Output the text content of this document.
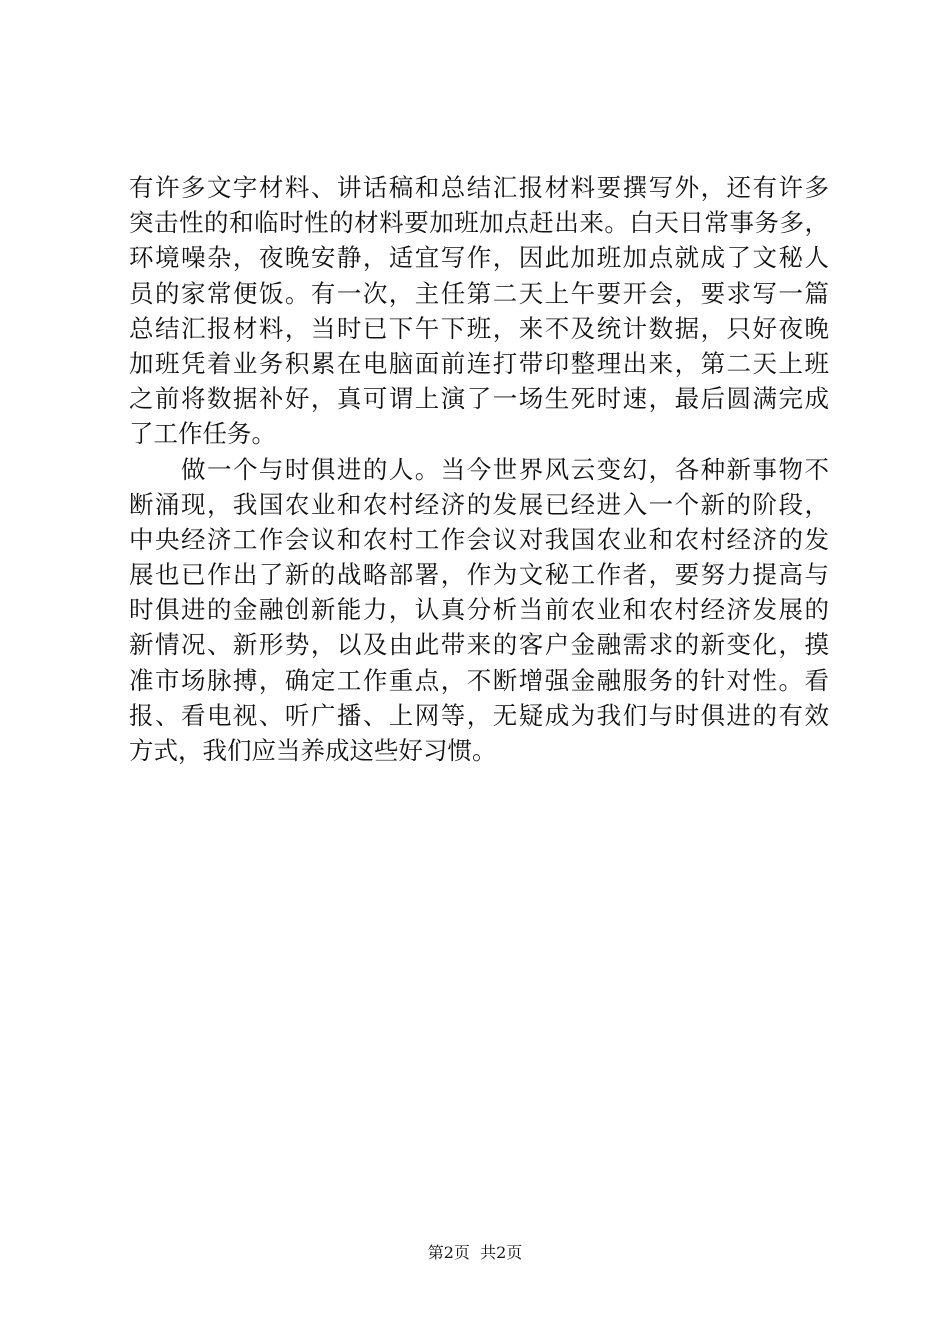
有许多文字材料、讲话稿和总结汇报材料要撰写外，还有许多
突击性的和临时性的材料要加班加点赶出来。白天日常事务多，
环境噪杂，夜晚安静，适宜写作，因此加班加点就成了文秘人
员的家常便饭。有一次，主任第二天上午要开会，要求写一篇
总结汇报材料，当时已下午下班，来不及统计数据，只好夜晚
加班凭着业务积累在电脑面前连打带印整理出来，第二天上班
之前将数据补好，真可谓上演了一场生死时速，最后圆满完成
了工作任务。
做一个与时俱进的人。当今世界风云变幻，各种新事物不
断涌现，我国农业和农村经济的发展已经进入一个新的阶段，
中央经济工作会议和农村工作会议对我国农业和农村经济的发
展也已作出了新的战略部署，作为文秘工作者，要努力提高与
时俱进的金融创新能力，认真分析当前农业和农村经济发展的
新情况、新形势，以及由此带来的客户金融需求的新变化，摸
准市场脉搏，确定工作重点，不断增强金融服务的针对性。看
报、看电视、听广播、上网等，无疑成为我们与时俱进的有效
方式，我们应当养成这些好习惯。
第2页  共2页
